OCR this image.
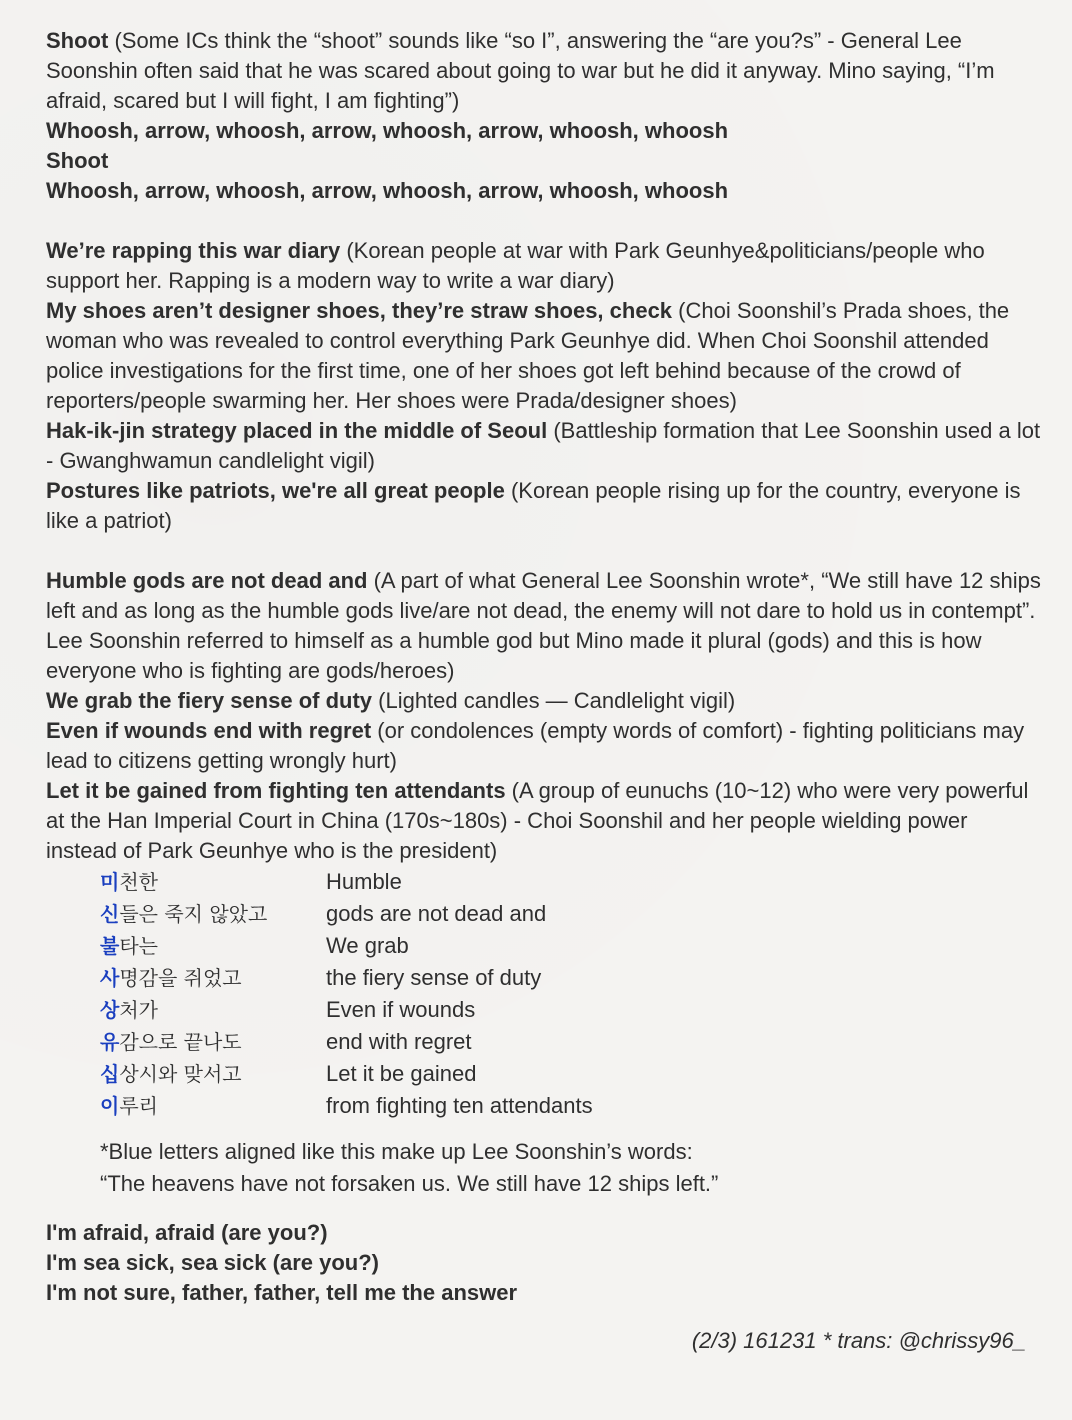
Shoot (Some ICs think the “shoot” sounds like “so I”, answering the “are you?s” - General Lee Soonshin often said that he was scared about going to war but he did it anyway. Mino saying, “I’m afraid, scared but I will fight, I am fighting”)

Whoosh, arrow, whoosh, arrow, whoosh, arrow, whoosh, whoosh

Shoot

Whoosh, arrow, whoosh, arrow, whoosh, arrow, whoosh, whoosh

We’re rapping this war diary (Korean people at war with Park Geunhye&politicians/people who support her. Rapping is a modern way to write a war diary)

My shoes aren’t designer shoes, they’re straw shoes, check (Choi Soonshil’s Prada shoes, the woman who was revealed to control everything Park Geunhye did. When Choi Soonshil attended police investigations for the first time, one of her shoes got left behind because of the crowd of reporters/people swarming her. Her shoes were Prada/designer shoes)

Hak-ik-jin strategy placed in the middle of Seoul (Battleship formation that Lee Soonshin used a lot - Gwanghwamun candlelight vigil)

Postures like patriots, we're all great people (Korean people rising up for the country, everyone is like a patriot)

Humble gods are not dead and (A part of what General Lee Soonshin wrote*, “We still have 12 ships left and as long as the humble gods live/are not dead, the enemy will not dare to hold us in contempt”. Lee Soonshin referred to himself as a humble god but Mino made it plural (gods) and this is how everyone who is fighting are gods/heroes)

We grab the fiery sense of duty (Lighted candles — Candlelight vigil)

Even if wounds end with regret (or condolences (empty words of comfort) - fighting politicians may lead to citizens getting wrongly hurt)

Let it be gained from fighting ten attendants (A group of eunuchs (10~12) who were very powerful at the Han Imperial Court in China (170s~180s) - Choi Soonshil and her people wielding power instead of Park Geunhye who is the president)

미천한	Humble
신들은 죽지 않았고	gods are not dead and
불타는	We grab
사명감을 쥐었고	the fiery sense of duty
상처가	Even if wounds
유감으로 끝나도	end with regret
십상시와 맞서고	Let it be gained
이루리	from fighting ten attendants
*Blue letters aligned like this make up Lee Soonshin’s words:
“The heavens have not forsaken us. We still have 12 ships left.”

I'm afraid, afraid (are you?)

I'm sea sick, sea sick (are you?)

I'm not sure, father, father, tell me the answer

(2/3) 161231 * trans: @chrissy96_
